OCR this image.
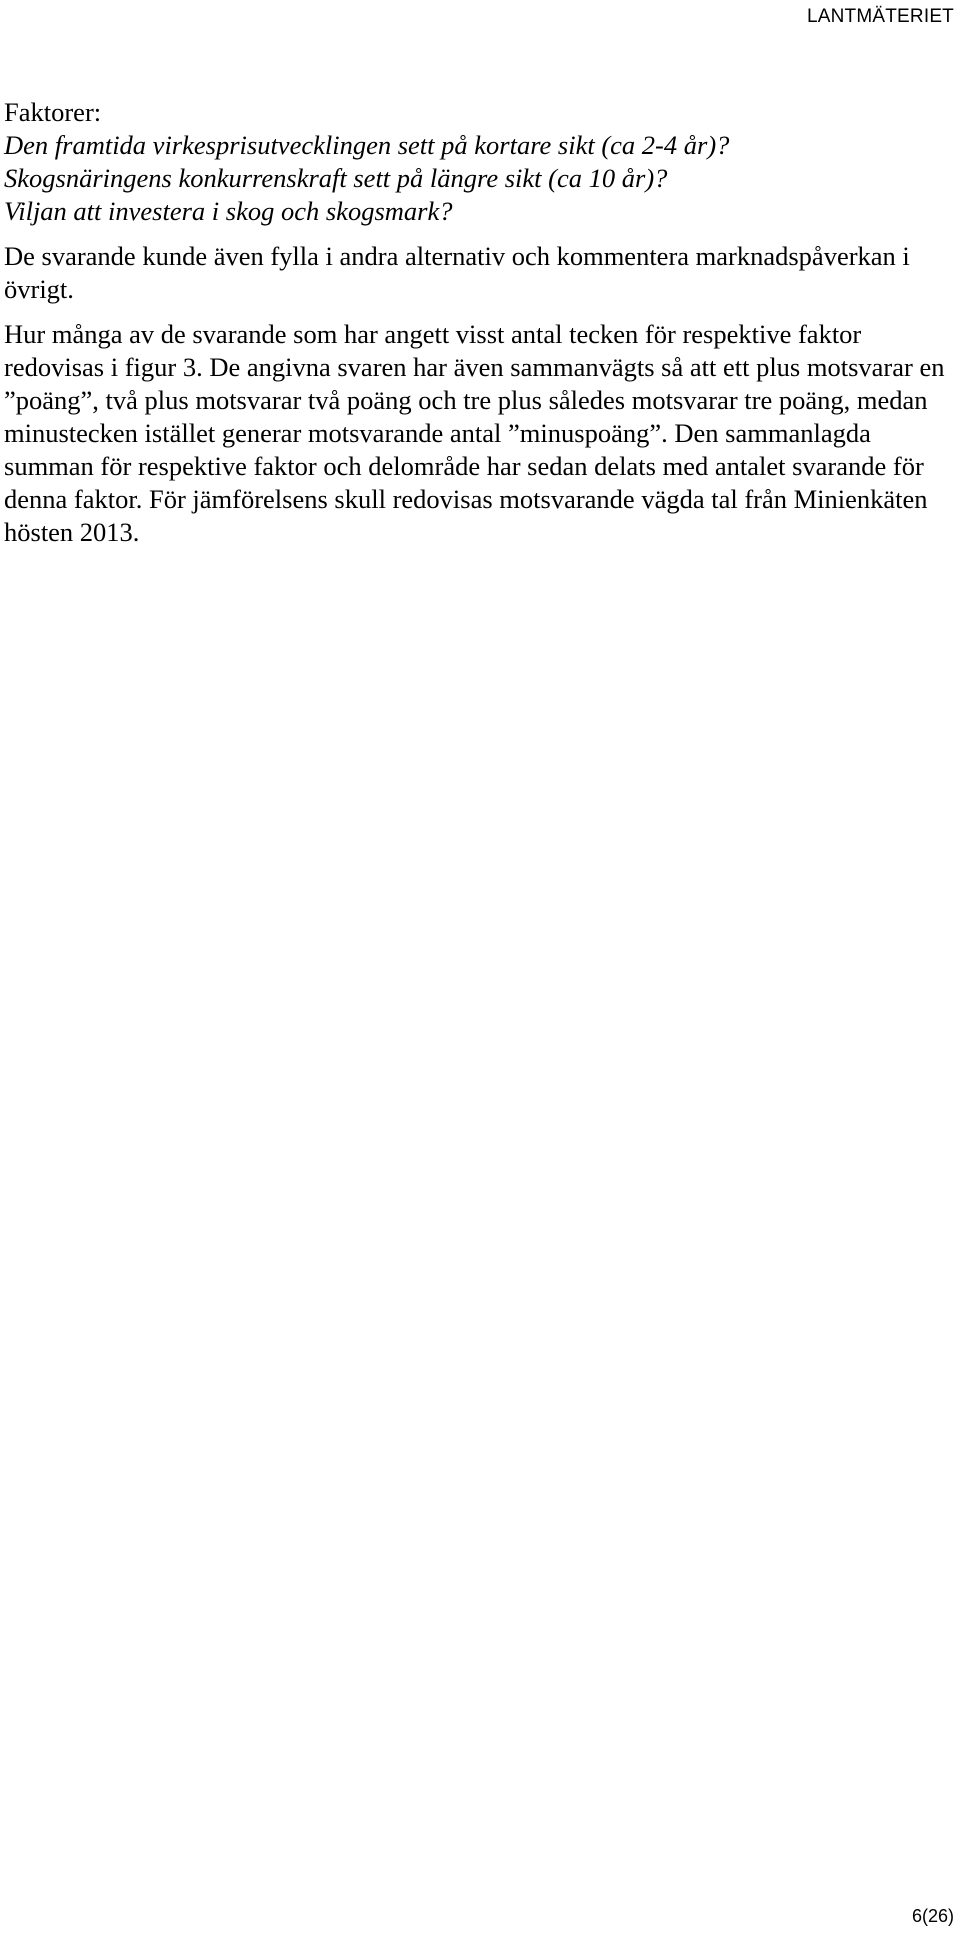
LANTMÄTERIET

Faktorer:

Den framtida virkesprisutvecklingen sett på kortare sikt (ca 2-4 år)?

Skogsnäringens konkurrenskraft sett på längre sikt (ca 10 år)?

Viljan att investera i skog och skogsmark?

De svarande kunde även fylla i andra alternativ och kommentera marknadspåverkan i övrigt.

Hur många av de svarande som har angett visst antal tecken för respektive faktor redovisas i figur 3. De angivna svaren har även sammanvägts så att ett plus motsvarar en ”poäng”, två plus motsvarar två poäng och tre plus således motsvarar tre poäng, medan minustecken istället generar motsvarande antal ”minuspoäng”. Den sammanlagda summan för respektive faktor och delområde har sedan delats med antalet svarande för denna faktor. För jämförelsens skull redovisas motsvarande vägda tal från Minienkäten hösten 2013.

6(26)
